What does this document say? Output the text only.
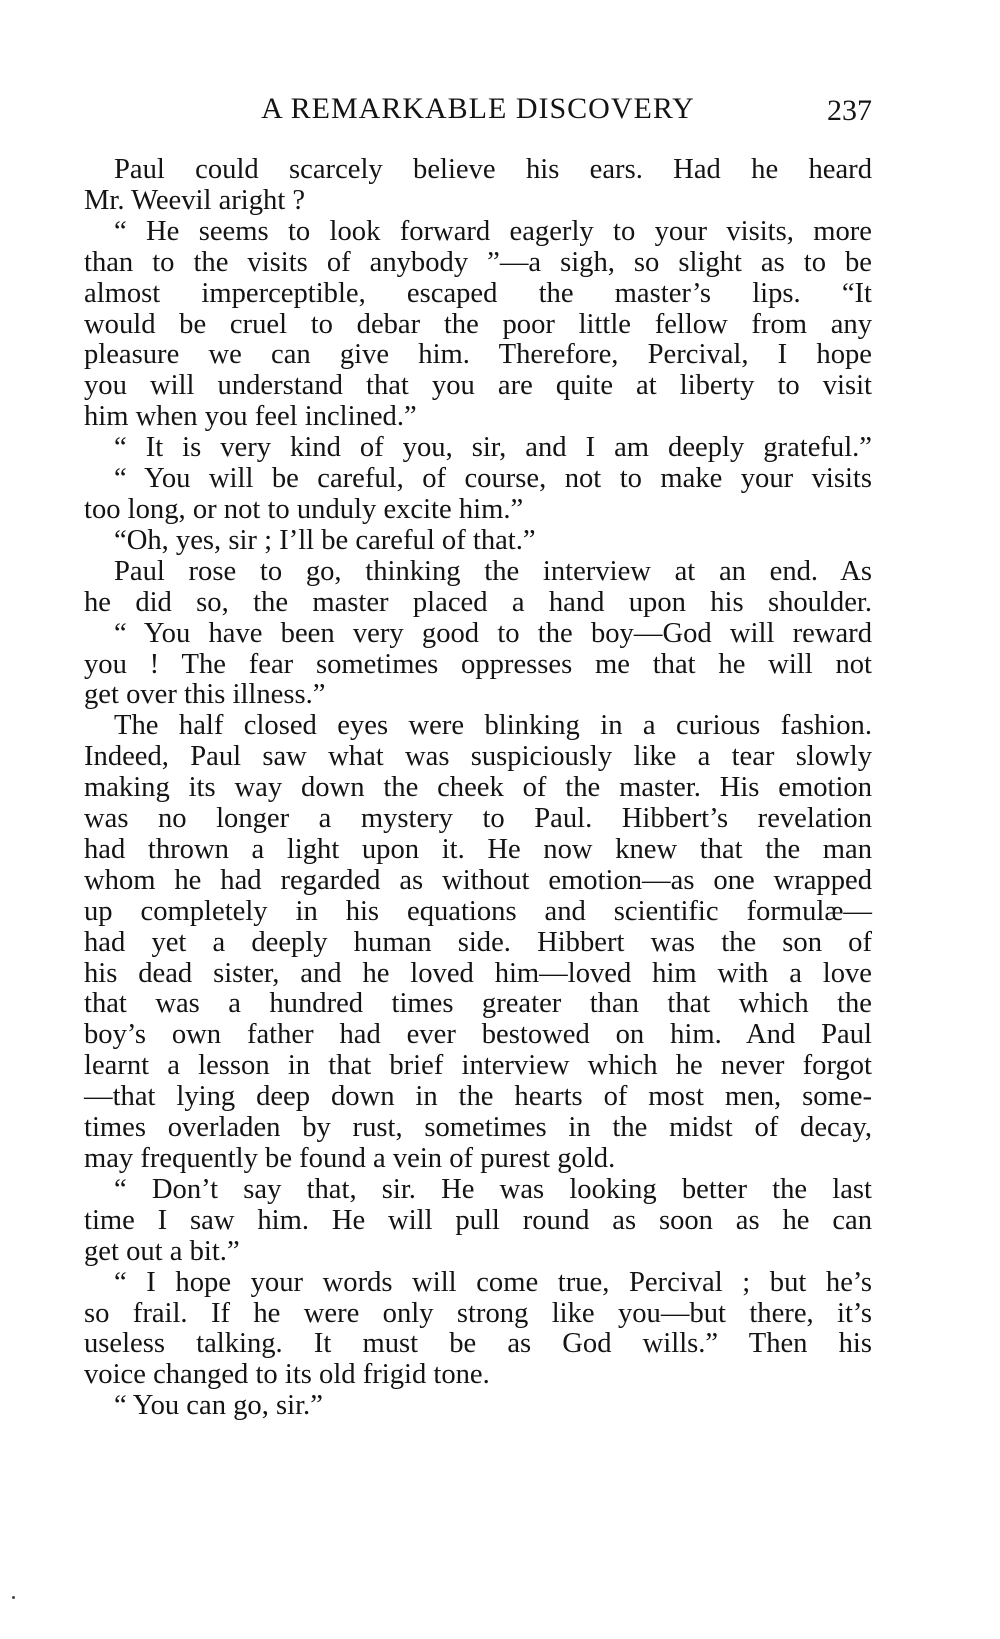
A REMARKABLE DISCOVERY	237
Paul could scarcely believe his ears. Had he heard
Mr. Weevil aright ?
“ He seems to look forward eagerly to your visits, more
than to the visits of anybody ”—a sigh, so slight as to be
almost imperceptible, escaped the master’s lips. “It
would be cruel to debar the poor little fellow from any
pleasure we can give him. Therefore, Percival, I hope
you will understand that you are quite at liberty to visit
him when you feel inclined.”
“ It is very kind of you, sir, and I am deeply grateful.”
“ You will be careful, of course, not to make your visits
too long, or not to unduly excite him.”
“Oh, yes, sir ; I’ll be careful of that.”
Paul rose to go, thinking the interview at an end. As
he did so, the master placed a hand upon his shoulder.
“ You have been very good to the boy—God will reward
you ! The fear sometimes oppresses me that he will not
get over this illness.”
The half closed eyes were blinking in a curious fashion.
Indeed, Paul saw what was suspiciously like a tear slowly
making its way down the cheek of the master. His emotion
was no longer a mystery to Paul. Hibbert’s revelation
had thrown a light upon it. He now knew that the man
whom he had regarded as without emotion—as one wrapped
up completely in his equations and scientific formulæ—
had yet a deeply human side. Hibbert was the son of
his dead sister, and he loved him—loved him with a love
that was a hundred times greater than that which the
boy’s own father had ever bestowed on him. And Paul
learnt a lesson in that brief interview which he never forgot
—that lying deep down in the hearts of most men, some-
times overladen by rust, sometimes in the midst of decay,
may frequently be found a vein of purest gold.
“ Don’t say that, sir. He was looking better the last
time I saw him. He will pull round as soon as he can
get out a bit.”
“ I hope your words will come true, Percival ; but he’s
so frail. If he were only strong like you—but there, it’s
useless talking. It must be as God wills.” Then his
voice changed to its old frigid tone.
“ You can go, sir.”
